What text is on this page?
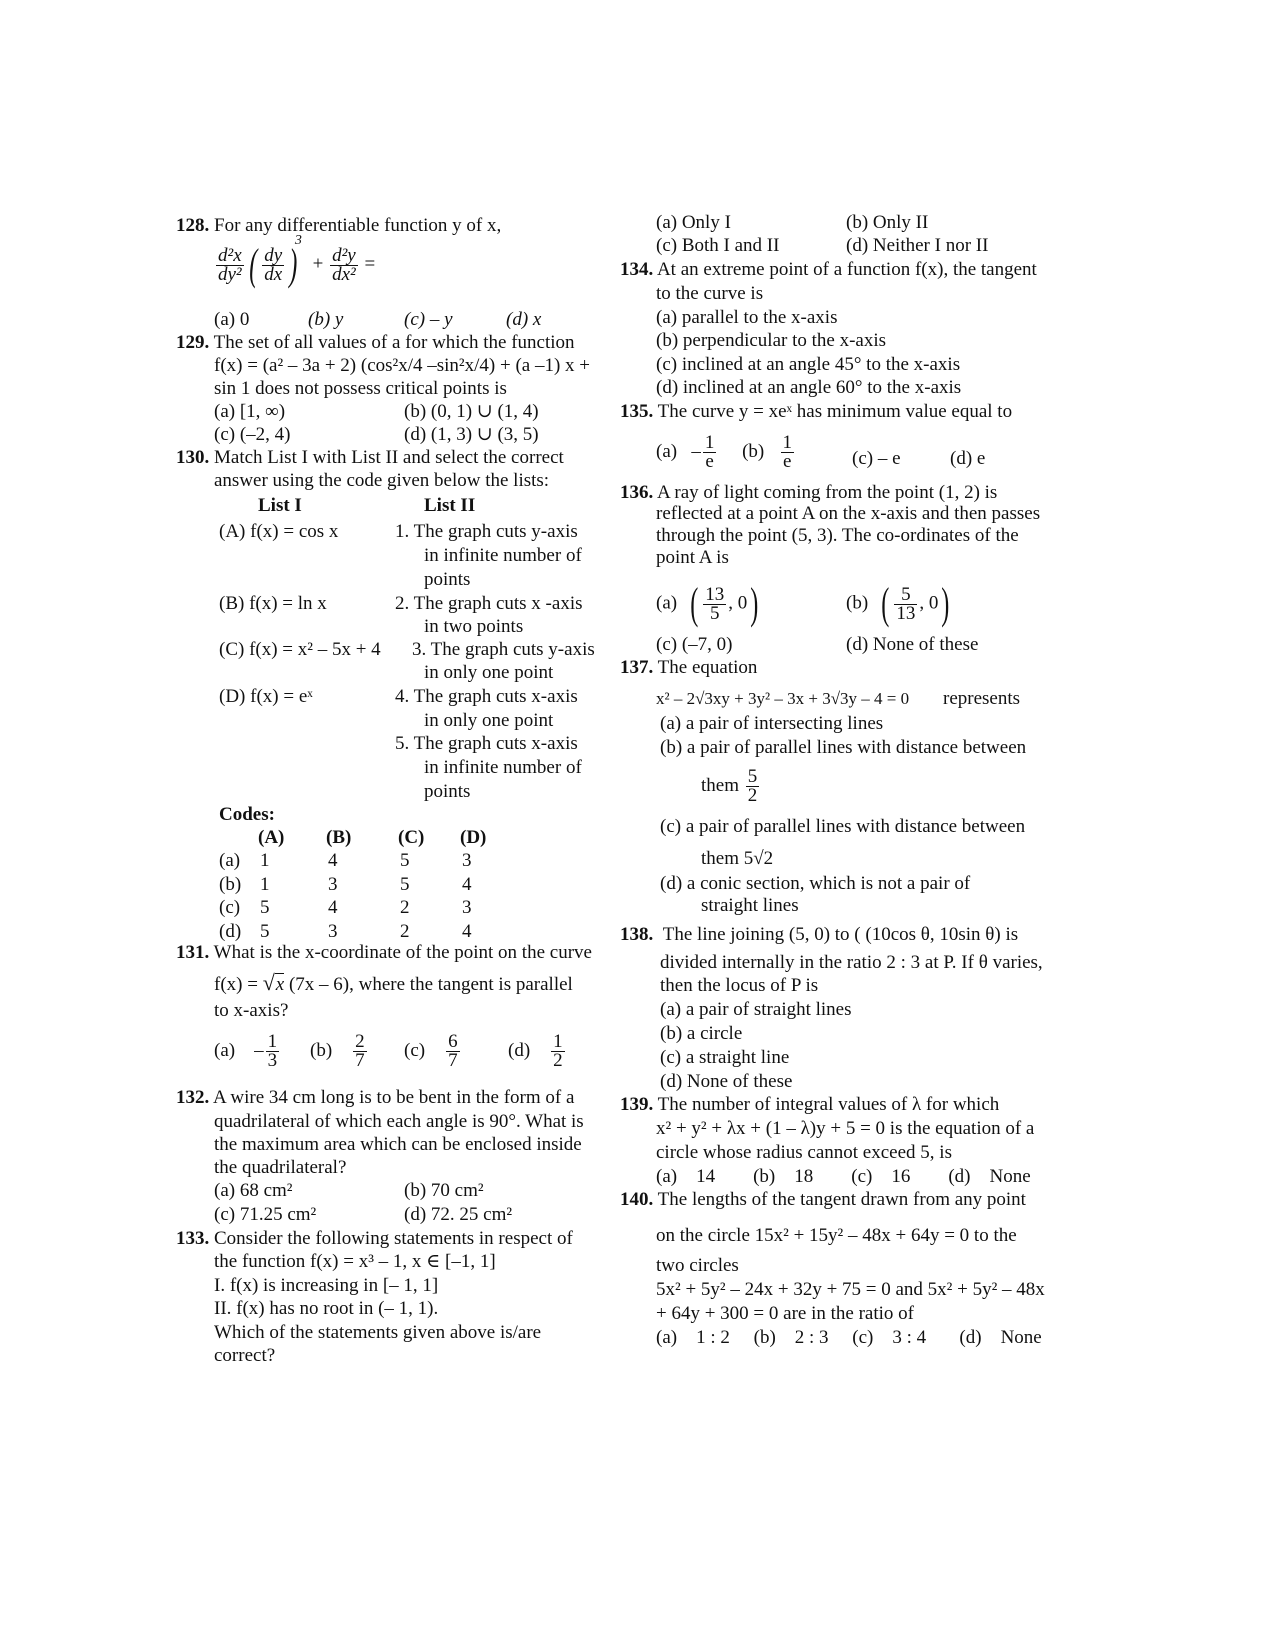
128. For any differentiable function y of x,
$\frac{\text{d²x}}{\text{dy²}}$ ( $\frac{dy}{dx} )^3 + \frac{\text{d²y}}{\text{dx²}}$ =
(a) 0	(b) y	(c) – y	(d) x
129. The set of all values of a for which the function
f(x) = (a² – 3a + 2) (cos²x/4 –sin²x/4) + (a –1) x +
sin 1 does not possess critical points is
(a) [1, ∞)	(b) (0, 1) ∪ (1, 4)
(c) (–2, 4)	(d) (1, 3) ∪ (3, 5)
130. Match List I with List II and select the correct
answer using the code given below the lists:
List I	List II
(A) f(x) = cos x	1. The graph cuts y-axis
in infinite number of
points
(B) f(x) = ln x	2. The graph cuts x -axis
in two points
(C) f(x) = x² – 5x + 4 3. The graph cuts y-axis
in only one point
(D) f(x) = eˣ	4. The graph cuts x-axis
in only one point
5. The graph cuts x-axis
in infinite number of
points
Codes:
(A) (B) (C) (D)
(a) 1	4	5	3
(b) 1	3	5	4
(c) 5	4	2	3
(d) 5	3	2	4
131. What is the x-coordinate of the point on the curve
f(x) = √x (7x – 6), where the tangent is parallel
to x-axis?
$(a) - \frac{1}{3} (b) \frac{2}{7} (c) \frac{6}{7}$	$(d) \frac{1}{2}$
132. A wire 34 cm long is to be bent in the form of a
quadrilateral of which each angle is 90°. What is
the maximum area which can be enclosed inside
the quadrilateral?
(a) 68 cm²	(b) 70 cm²
(c) 71.25 cm²	(d) 72. 25 cm²
133. Consider the following statements in respect of
the function f(x) = x³ – 1, x ∈ [–1, 1]
I. f(x) is increasing in [– 1, 1]
II. f(x) has no root in (– 1, 1).
Which of the statements given above is/are
correct?
(a) Only I	(b) Only II
(c) Both I and II	(d) Neither I nor II
134. At an extreme point of a function f(x), the tangent
to the curve is
(a) parallel to the x-axis
(b) perpendicular to the x-axis
(c) inclined at an angle 45° to the x-axis
(d) inclined at an angle 60° to the x-axis
135. The curve y = xeˣ has minimum value equal to
$(a) - \frac{1}{e} (b) \frac{1}{e}$	(c) – e	(d) e
136. A ray of light coming from the point (1, 2) is
reflected at a point A on the x-axis and then passes
through the point (5, 3). The co-ordinates of the
point A is
(a) ( $\frac{13}{5}$ , 0)	(b) ( $\frac{5}{13}$ , 0)
(c) (–7, 0)	(d) None of these
137. The equation
x² – 2√3xy + 3y² – 3x + 3√3y – 4 = 0 represents
(a) a pair of intersecting lines
(b) a pair of parallel lines with distance between
them $\frac{5}{2}$
(c) a pair of parallel lines with distance between
them 5√2
(d) a conic section, which is not a pair of
straight lines
138. The line joining (5, 0) to ( (10cos θ, 10sin θ) is
divided internally in the ratio 2 : 3 at P. If θ varies,
then the locus of P is
(a) a pair of straight lines
(b) a circle
(c) a straight line
(d) None of these
139. The number of integral values of λ for which
x² + y² + λx + (1 – λ)y + 5 = 0 is the equation of a
circle whose radius cannot exceed 5, is
(a)    14        (b)    18        (c)    16        (d)    None
140. The lengths of the tangent drawn from any point
on the circle 15x² + 15y² – 48x + 64y = 0 to the
two circles
5x² + 5y² – 24x + 32y + 75 = 0 and 5x² + 5y² – 48x
+ 64y + 300 = 0 are in the ratio of
(a)    1 : 2     (b)    2 : 3     (c)    3 : 4       (d)    None
